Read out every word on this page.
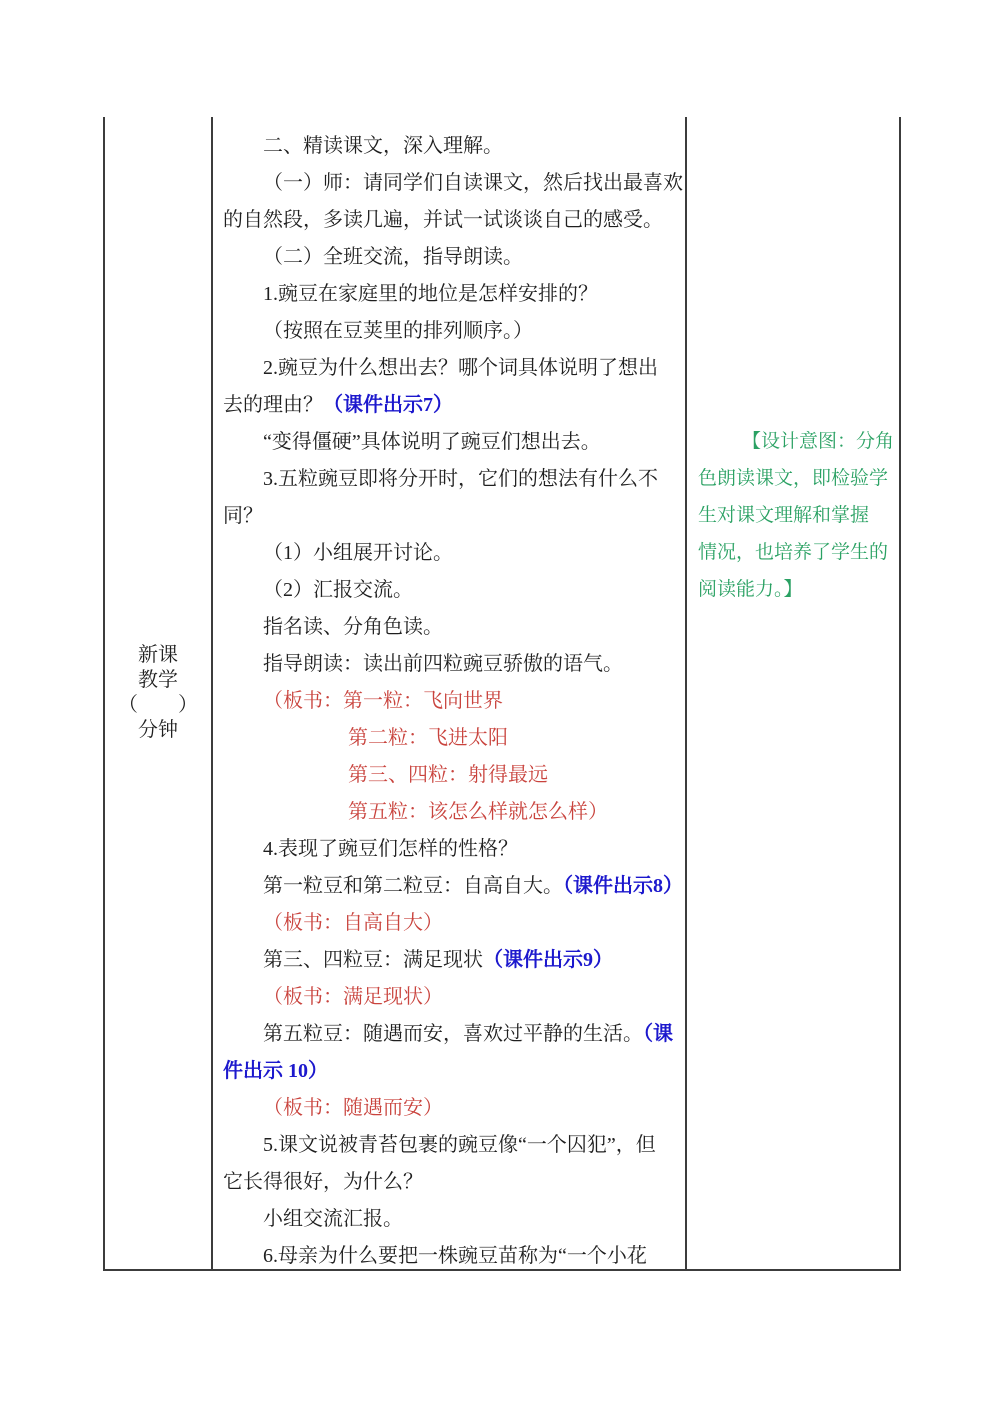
新课
教学
（　　）
分钟
二、精读课文，深入理解。
（一）师：请同学们自读课文，然后找出最喜欢
的自然段，多读几遍，并试一试谈谈自己的感受。
（二）全班交流，指导朗读。
1.豌豆在家庭里的地位是怎样安排的？
（按照在豆荚里的排列顺序。）
2.豌豆为什么想出去？哪个词具体说明了想出
去的理由？（课件出示7）
“变得僵硬”具体说明了豌豆们想出去。
3.五粒豌豆即将分开时，它们的想法有什么不
同？
（1）小组展开讨论。
（2）汇报交流。
指名读、分角色读。
指导朗读：读出前四粒豌豆骄傲的语气。
（板书：第一粒：飞向世界
第二粒：飞进太阳
第三、四粒：射得最远
第五粒：该怎么样就怎么样）
4.表现了豌豆们怎样的性格？
第一粒豆和第二粒豆：自高自大。（课件出示8）
（板书：自高自大）
第三、四粒豆：满足现状（课件出示9）
（板书：满足现状）
第五粒豆：随遇而安，喜欢过平静的生活。（课
件出示 10）
（板书：随遇而安）
5.课文说被青苔包裹的豌豆像“一个囚犯”，但
它长得很好，为什么？
小组交流汇报。
6.母亲为什么要把一株豌豆苗称为“一个小花
【设计意图：分角
色朗读课文，即检验学
生对课文理解和掌握
情况，也培养了学生的
阅读能力。】
